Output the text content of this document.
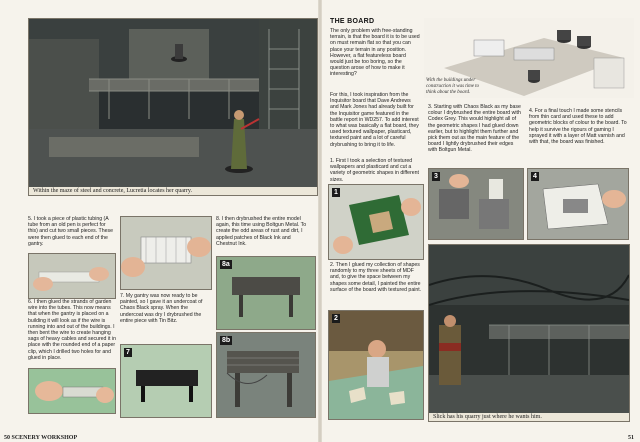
Within the maze of steel and concrete, Lucretia locates her quarry.
5. I took a piece of plastic tubing (A tube from an old pen is perfect for this) and cut two small pieces. These were then glued to each end of the gantry.
6. I then glued the strands of garden wire into the tubes. This now means that when the gantry is placed on a building it will look as if the wire is running into and out of the buildings. I then bent the wire to create hanging sags of heavy cables and secured it in place with the rounded end of a paper clip, which I drilled two holes for and glued in place.
7. My gantry was now ready to be painted, so I gave it an undercoat of Chaos Black spray. When the undercoat was dry I drybrushed the entire piece with Tin Bitz.
7
8. I then drybrushed the entire model again, this time using Boltgun Metal. To create the odd areas of rust and dirt, I applied patches of Black Ink and Chestnut Ink.
8a
8b
50 SCENERY WORKSHOP
THE BOARD
The only problem with free-standing terrain, is that the board it is to be used on must remain flat so that you can place your terrain in any position. However, a flat featureless board would just be too boring, so the question arose of how to make it interesting?
For this, I took inspiration from the Inquisitor board that Dave Andrews and Mark Jones had already built for the Inquisitor game featured in the battle report in WD257. To add interest to what was basically a flat board, they used textured wallpaper, plasticard, textured paint and a lot of careful drybrushing to bring it to life.
1. First I took a selection of textured wallpapers and plasticard and cut a variety of geometric shapes in different sizes.
With the buildings under construction it was time to think about the board.
3. Starting with Chaos Black as my base colour I drybrushed the entire board with Codex Grey. This would highlight all of the geometric shapes I had glued down earlier, but to highlight them further and pick them out as the main feature of the board I lightly drybrushed their edges with Boltgun Metal.
4. For a final touch I made some stencils from thin card and used these to add geometric blocks of colour to the board. To help it survive the rigours of gaming I sprayed it with a layer of Matt varnish and with that, the board was finished.
1
3	4
2. Then I glued my collection of shapes randomly to my three sheets of MDF and, to give the space between my shapes some detail, I painted the entire surface of the board with textured paint.
2
Slick has his quarry just where he wants him.
51
